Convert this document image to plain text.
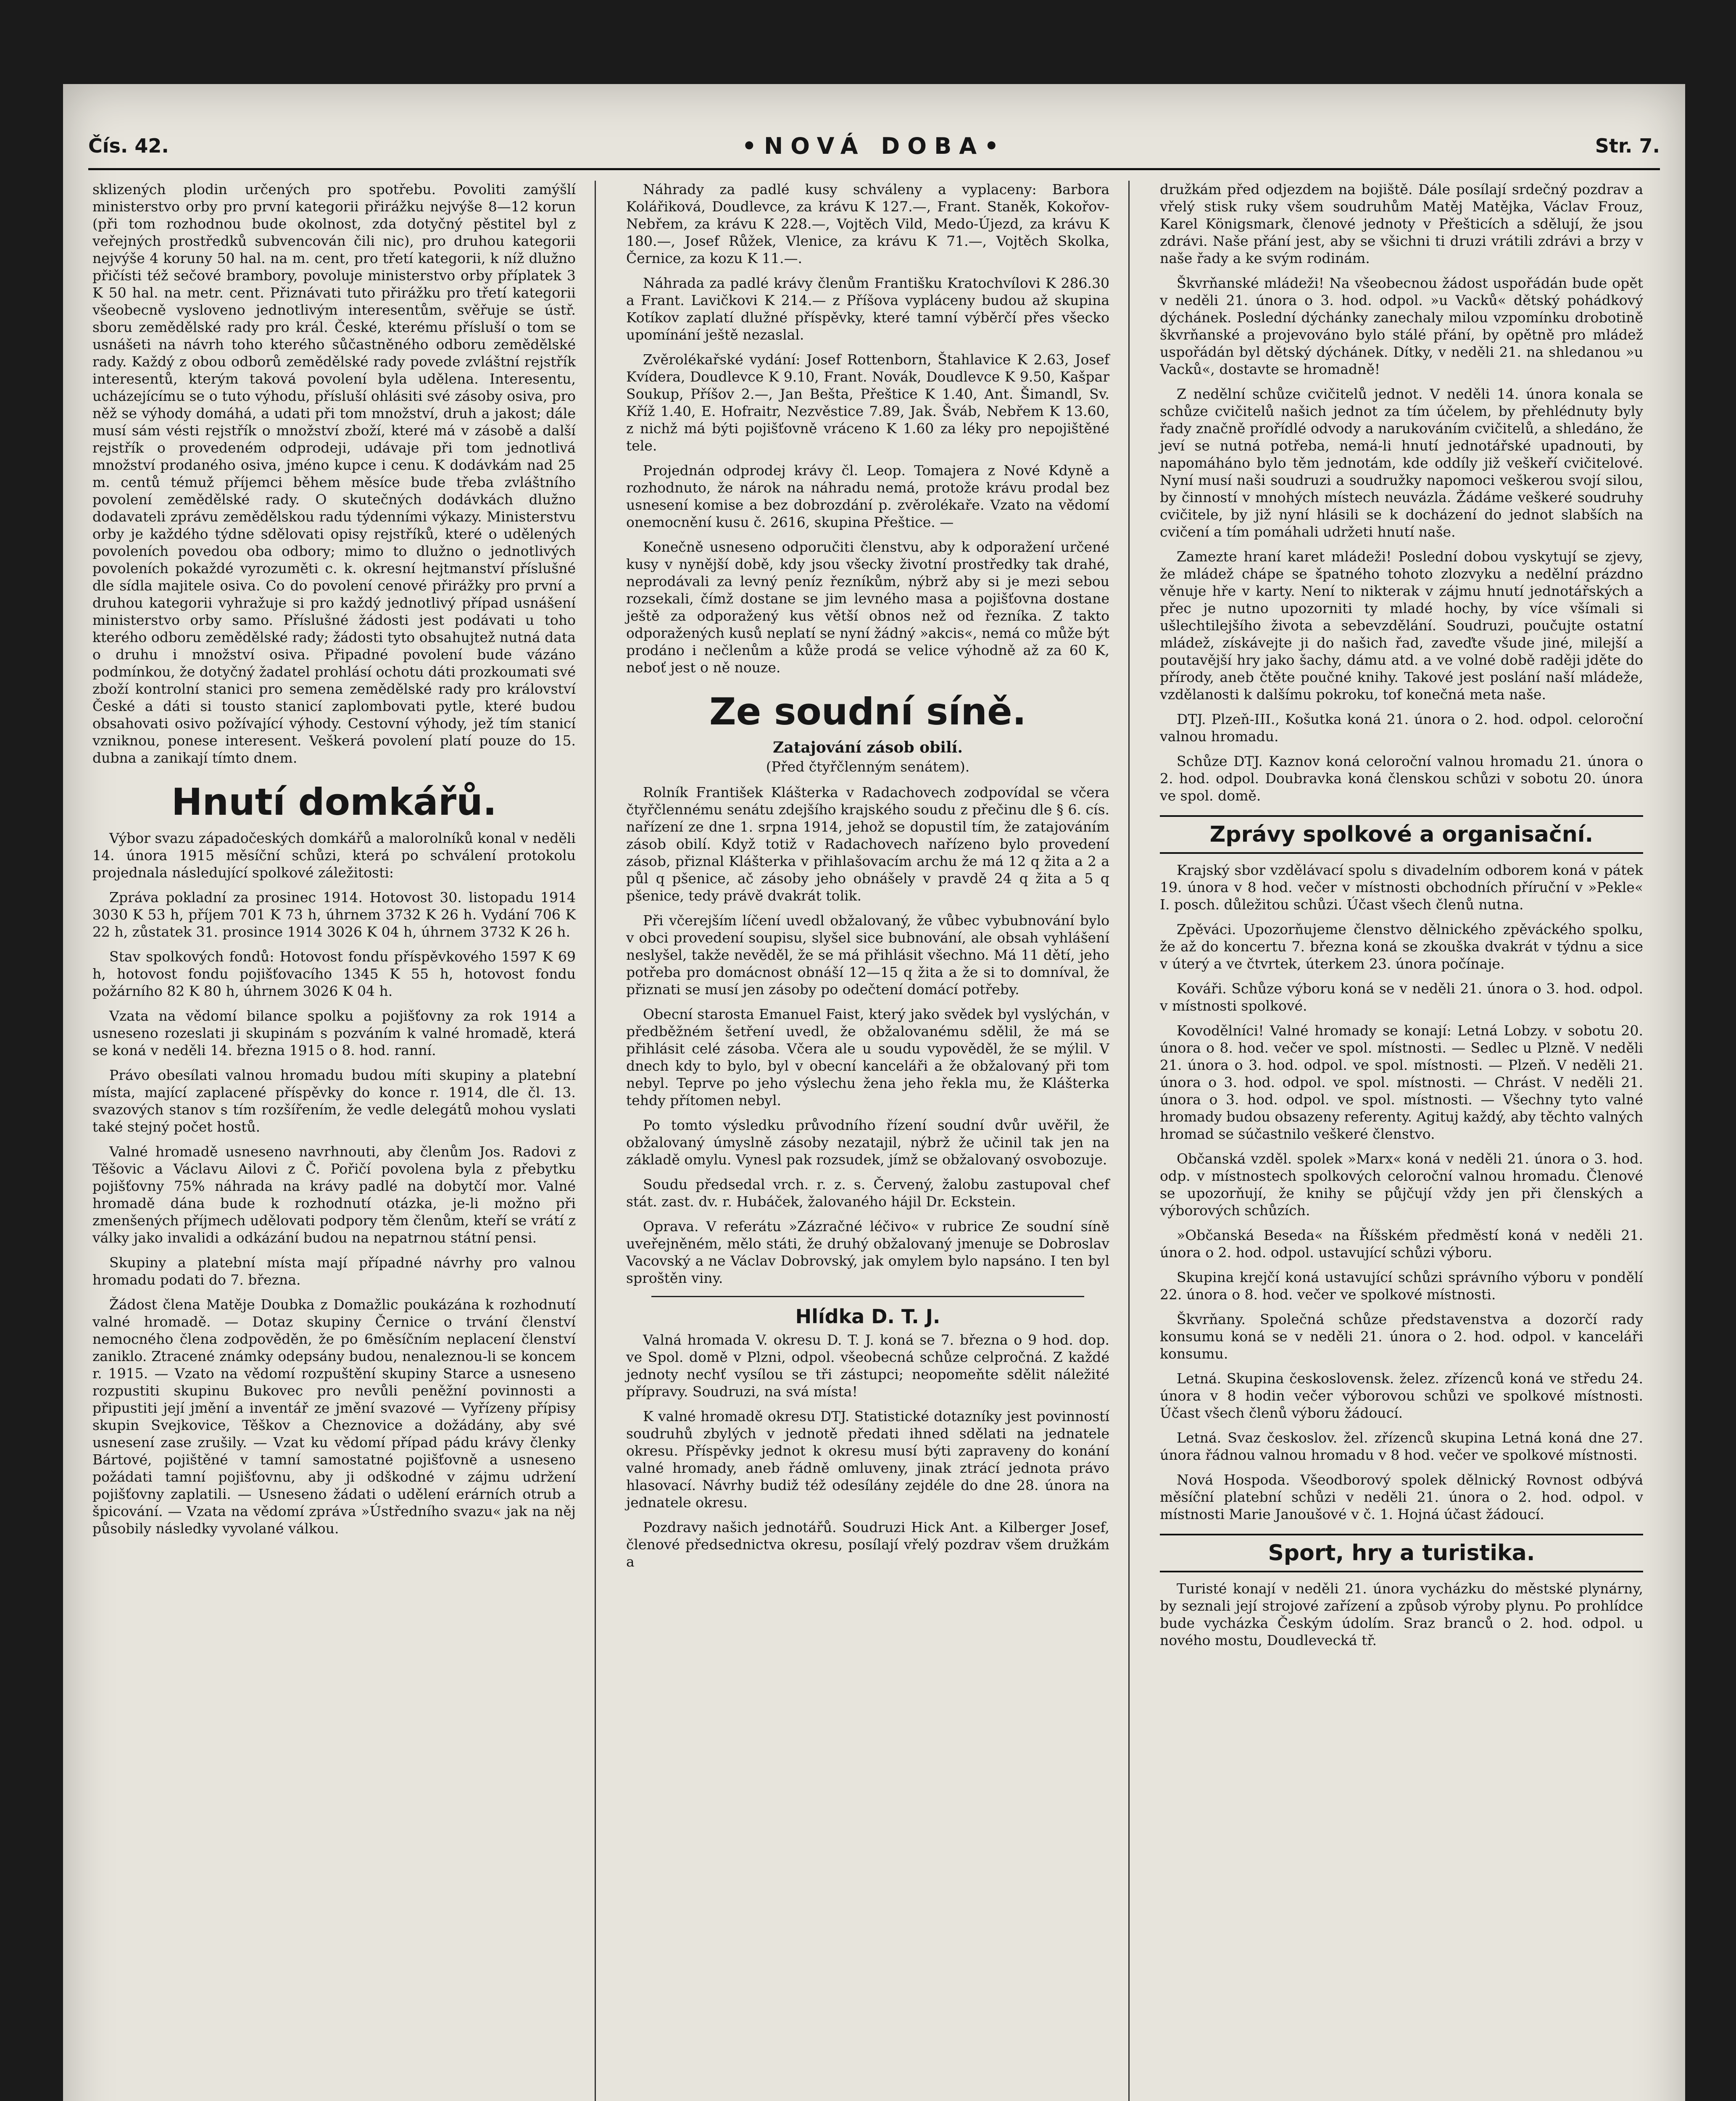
Čís. 42.	•NOVÁ DOBA•	Str. 7.

sklizených plodin určených pro spotřebu. Povoliti zamýšlí ministerstvo orby pro první kategorii přirážku nejvýše 8—12 korun (při tom rozhodnou bude okolnost, zda dotyčný pěstitel byl z veřejných prostředků subvencován čili nic), pro druhou kategorii nejvýše 4 koruny 50 hal. na m. cent, pro třetí kategorii, k níž dlužno přičísti též sečové brambory, povoluje ministerstvo orby příplatek 3 K 50 hal. na metr. cent. Přiznávati tuto přirážku pro třetí kategorii všeobecně vysloveno jednotlivým interesentům, svěřuje se ústř. sboru zemědělské rady pro král. České, kterému přísluší o tom se usnášeti na návrh toho kterého sůčastněného odboru zemědělské rady. Každý z obou odborů zemědělské rady povede zvláštní rejstřík interesentů, kterým taková povolení byla udělena. Interesentu, ucházejícímu se o tuto výhodu, přísluší ohlásiti své zásoby osiva, pro něž se výhody domáhá, a udati při tom množství, druh a jakost; dále musí sám vésti rejstřík o množství zboží, které má v zásobě a další rejstřík o provedeném odprodeji, udávaje při tom jednotlivá množství prodaného osiva, jméno kupce i cenu. K dodávkám nad 25 m. centů témuž příjemci během měsíce bude třeba zvláštního povolení zemědělské rady. O skutečných dodávkách dlužno dodavateli zprávu zemědělskou radu týdenními výkazy. Ministerstvu orby je každého týdne sdělovati opisy rejstříků, které o udělených povoleních povedou oba odbory; mimo to dlužno o jednotlivých povoleních pokaždé vyrozuměti c. k. okresní hejtmanství příslušné dle sídla majitele osiva. Co do povolení cenové přirážky pro první a druhou kategorii vyhražuje si pro každý jednotlivý případ usnášení ministerstvo orby samo. Příslušné žádosti jest podávati u toho kterého odboru zemědělské rady; žádosti tyto obsahujtež nutná data o druhu i množství osiva. Připadné povolení bude vázáno podmínkou, že dotyčný žadatel prohlásí ochotu dáti prozkoumati své zboží kontrolní stanici pro semena zemědělské rady pro království České a dáti si tousto stanicí zaplombovati pytle, které budou obsahovati osivo požívající výhody. Cestovní výhody, jež tím stanicí vzniknou, ponese interesent. Veškerá povolení platí pouze do 15. dubna a zanikají tímto dnem.

Hnutí domkářů.

Výbor svazu západočeských domkářů a malorolníků konal v neděli 14. února 1915 měsíční schůzi, která po schválení protokolu projednala následující spolkové záležitosti:

Zpráva pokladní za prosinec 1914. Hotovost 30. listopadu 1914 3030 K 53 h, příjem 701 K 73 h, úhrnem 3732 K 26 h. Vydání 706 K 22 h, zůstatek 31. prosince 1914 3026 K 04 h, úhrnem 3732 K 26 h.

Stav spolkových fondů: Hotovost fondu příspěvkového 1597 K 69 h, hotovost fondu pojišťovacího 1345 K 55 h, hotovost fondu požárního 82 K 80 h, úhrnem 3026 K 04 h.

Vzata na vědomí bilance spolku a pojišťovny za rok 1914 a usneseno rozeslati ji skupinám s pozváním k valné hromadě, která se koná v neděli 14. března 1915 o 8. hod. ranní.

Právo obesílati valnou hromadu budou míti skupiny a platební místa, mající zaplacené příspěvky do konce r. 1914, dle čl. 13. svazových stanov s tím rozšířením, že vedle delegátů mohou vyslati také stejný počet hostů.

Valné hromadě usneseno navrhnouti, aby členům Jos. Radovi z Těšovic a Václavu Ailovi z Č. Pořičí povolena byla z přebytku pojišťovny 75% náhrada na krávy padlé na dobytčí mor. Valné hromadě dána bude k rozhodnutí otázka, je-li možno při zmenšených příjmech udělovati podpory těm členům, kteří se vrátí z války jako invalidi a odkázání budou na nepatrnou státní pensi.

Skupiny a platební místa mají případné návrhy pro valnou hromadu podati do 7. března.

Žádost člena Matěje Doubka z Domažlic poukázána k rozhodnutí valné hromadě. — Dotaz skupiny Černice o trvání členství nemocného člena zodpověděn, že po 6měsíčním neplacení členství zaniklo. Ztracené známky odepsány budou, nenaleznou-li se koncem r. 1915. — Vzato na vědomí rozpuštění skupiny Starce a usneseno rozpustiti skupinu Bukovec pro nevůli peněžní povinnosti a připustiti její jmění a inventář ze jmění svazové — Vyřízeny přípisy skupin Svejkovice, Těškov a Cheznovice a dožádány, aby své usnesení zase zrušily. — Vzat ku vědomí případ pádu krávy členky Bártové, pojištěné v tamní samostatné pojišťovně a usneseno požádati tamní pojišťovnu, aby ji odškodné v zájmu udržení pojišťovny zaplatili. — Usneseno žádati o udělení erárních otrub a špicování. — Vzata na vědomí zpráva »Ústředního svazu« jak na něj působily následky vyvolané válkou.

Náhrady za padlé kusy schváleny a vyplaceny: Barbora Kolářiková, Doudlevce, za krávu K 127.—, Frant. Staněk, Kokořov-Nebřem, za krávu K 228.—, Vojtěch Vild, Medo-Újezd, za krávu K 180.—, Josef Růžek, Vlenice, za krávu K 71.—, Vojtěch Skolka, Černice, za kozu K 11.—.

Náhrada za padlé krávy členům Františku Kratochvílovi K 286.30 a Frant. Lavičkovi K 214.— z Příšova vypláceny budou až skupina Kotíkov zaplatí dlužné příspěvky, které tamní výběrčí přes všecko upomínání ještě nezaslal.

Zvěrolékařské vydání: Josef Rottenborn, Štahlavice K 2.63, Josef Kvídera, Doudlevce K 9.10, Frant. Novák, Doudlevce K 9.50, Kašpar Soukup, Příšov 2.—, Jan Bešta, Přeštice K 1.40, Ant. Šimandl, Sv. Kříž 1.40, E. Hofraitr, Nezvěstice 7.89, Jak. Šváb, Nebřem K 13.60, z nichž má býti pojišťovně vráceno K 1.60 za léky pro nepojištěné tele.

Projednán odprodej krávy čl. Leop. Tomajera z Nové Kdyně a rozhodnuto, že nárok na náhradu nemá, protože krávu prodal bez usnesení komise a bez dobrozdání p. zvěrolékaře. Vzato na vědomí onemocnění kusu č. 2616, skupina Přeštice. —

Konečně usneseno odporučiti členstvu, aby k odporažení určené kusy v nynější době, kdy jsou všecky životní prostředky tak drahé, neprodávali za levný peníz řezníkům, nýbrž aby si je mezi sebou rozsekali, čímž dostane se jim levného masa a pojišťovna dostane ještě za odporažený kus větší obnos než od řezníka. Z takto odporažených kusů neplatí se nyní žádný »akcis«, nemá co může být prodáno i nečlenům a kůže prodá se velice výhodně až za 60 K, neboť jest o ně nouze.

Ze soudní síně.
Zatajování zásob obilí.
(Před čtyřčlenným senátem).

Rolník František Klášterka v Radachovech zodpovídal se včera čtyřčlennému senátu zdejšího krajského soudu z přečinu dle § 6. cís. nařízení ze dne 1. srpna 1914, jehož se dopustil tím, že zatajováním zásob obilí. Když totiž v Radachovech nařízeno bylo provedení zásob, přiznal Klášterka v přihlašovacím archu že má 12 q žita a 2 a půl q pšenice, ač zásoby jeho obnášely v pravdě 24 q žita a 5 q pšenice, tedy právě dvakrát tolik.

Při včerejším líčení uvedl obžalovaný, že vůbec vybubnování bylo v obci provedení soupisu, slyšel sice bubnování, ale obsah vyhlášení neslyšel, takže nevěděl, že se má přihlásit všechno. Má 11 dětí, jeho potřeba pro domácnost obnáší 12—15 q žita a že si to domníval, že přiznati se musí jen zásoby po odečtení domácí potřeby.

Obecní starosta Emanuel Faist, který jako svědek byl vyslýchán, v předběžném šetření uvedl, že obžalovanému sdělil, že má se přihlásit celé zásoba. Včera ale u soudu vypověděl, že se mýlil. V dnech kdy to bylo, byl v obecní kanceláři a že obžalovaný při tom nebyl. Teprve po jeho výslechu žena jeho řekla mu, že Klášterka tehdy přítomen nebyl.

Po tomto výsledku průvodního řízení soudní dvůr uvěřil, že obžalovaný úmyslně zásoby nezatajil, nýbrž že učinil tak jen na základě omylu. Vynesl pak rozsudek, jímž se obžalovaný osvobozuje.

Soudu předsedal vrch. r. z. s. Červený, žalobu zastupoval chef stát. zast. dv. r. Hubáček, žalovaného hájil Dr. Eckstein.

Oprava. V referátu »Zázračné léčivo« v rubrice Ze soudní síně uveřejněném, mělo státi, že druhý obžalovaný jmenuje se Dobroslav Vacovský a ne Václav Dobrovský, jak omylem bylo napsáno. I ten byl sproštěn viny.

Hlídka D. T. J.

Valná hromada V. okresu D. T. J. koná se 7. března o 9 hod. dop. ve Spol. domě v Plzni, odpol. všeobecná schůze celpročná. Z každé jednoty nechť vysílou se tři zástupci; neopomeňte sdělit náležité přípravy. Soudruzi, na svá místa!

K valné hromadě okresu DTJ. Statistické dotazníky jest povinností soudruhů zbylých v jednotě předati ihned sdělati na jednatele okresu. Příspěvky jednot k okresu musí býti zapraveny do konání valné hromady, aneb řádně omluveny, jinak ztrácí jednota právo hlasovací. Návrhy budiž též odesílány zejdéle do dne 28. února na jednatele okresu.

Pozdravy našich jednotářů. Soudruzi Hick Ant. a Kilberger Josef, členové předsednictva okresu, posílají vřelý pozdrav všem družkám a

družkám před odjezdem na bojiště. Dále posílají srdečný pozdrav a vřelý stisk ruky všem soudruhům Matěj Matějka, Václav Frouz, Karel Königsmark, členové jednoty v Přešticích a sdělují, že jsou zdrávi. Naše přání jest, aby se všichni ti druzi vrátili zdrávi a brzy v naše řady a ke svým rodinám.

Škvrňanské mládeži! Na všeobecnou žádost uspořádán bude opět v neděli 21. února o 3. hod. odpol. »u Vacků« dětský pohádkový dýchánek. Poslední dýchánky zanechaly milou vzpomínku drobotině škvrňanské a projevováno bylo stálé přání, by opětně pro mládež uspořádán byl dětský dýchánek. Dítky, v neděli 21. na shledanou »u Vacků«, dostavte se hromadně!

Z nedělní schůze cvičitelů jednot. V neděli 14. února konala se schůze cvičitelů našich jednot za tím účelem, by přehlédnuty byly řady značně prořídlé odvody a narukováním cvičitelů, a shledáno, že jeví se nutná potřeba, nemá-li hnutí jednotářské upadnouti, by napomáháno bylo těm jednotám, kde oddíly již veškeří cvičitelové. Nyní musí naši soudruzi a soudružky napomoci veškerou svojí silou, by činností v mnohých místech neuvázla. Žádáme veškeré soudruhy cvičitele, by již nyní hlásili se k docházení do jednot slabších na cvičení a tím pomáhali udržeti hnutí naše.

Zamezte hraní karet mládeži! Poslední dobou vyskytují se zjevy, že mládež chápe se špatného tohoto zlozvyku a nedělní prázdno věnuje hře v karty. Není to nikterak v zájmu hnutí jednotářských a přec je nutno upozorniti ty mladé hochy, by více všímali si ušlechtilejšího života a sebevzdělání. Soudruzi, poučujte ostatní mládež, získávejte ji do našich řad, zaveďte všude jiné, milejší a poutavější hry jako šachy, dámu atd. a ve volné době raději jděte do přírody, aneb čtěte poučné knihy. Takové jest poslání naší mládeže, vzdělanosti k dalšímu pokroku, tof konečná meta naše.

DTJ. Plzeň-III., Košutka koná 21. února o 2. hod. odpol. celoroční valnou hromadu.

Schůze DTJ. Kaznov koná celoroční valnou hromadu 21. února o 2. hod. odpol. Doubravka koná členskou schůzi v sobotu 20. února ve spol. domě.

Zprávy spolkové a organisační.

Krajský sbor vzdělávací spolu s divadelním odborem koná v pátek 19. února v 8 hod. večer v místnosti obchodních příruční v »Pekle« I. posch. důležitou schůzi. Účast všech členů nutna.

Zpěváci. Upozorňujeme členstvo dělnického zpěváckého spolku, že až do koncertu 7. března koná se zkouška dvakrát v týdnu a sice v úterý a ve čtvrtek, úterkem 23. února počínaje.

Kováři. Schůze výboru koná se v neděli 21. února o 3. hod. odpol. v místnosti spolkové.

Kovodělníci! Valné hromady se konají: Letná Lobzy. v sobotu 20. února o 8. hod. večer ve spol. místnosti. — Sedlec u Plzně. V neděli 21. února o 3. hod. odpol. ve spol. místnosti. — Plzeň. V neděli 21. února o 3. hod. odpol. ve spol. místnosti. — Chrást. V neděli 21. února o 3. hod. odpol. ve spol. místnosti. — Všechny tyto valné hromady budou obsazeny referenty. Agituj každý, aby těchto valných hromad se súčastnilo veškeré členstvo.

Občanská vzděl. spolek »Marx« koná v neděli 21. února o 3. hod. odp. v místnostech spolkových celoroční valnou hromadu. Členové se upozorňují, že knihy se půjčují vždy jen při členských a výborových schůzích.

»Občanská Beseda« na Říšském předměstí koná v neděli 21. února o 2. hod. odpol. ustavující schůzi výboru.

Skupina krejčí koná ustavující schůzi správního výboru v pondělí 22. února o 8. hod. večer ve spolkové místnosti.

Škvrňany. Společná schůze představenstva a dozorčí rady konsumu koná se v neděli 21. února o 2. hod. odpol. v kanceláři konsumu.

Letná. Skupina československ. želez. zřízenců koná ve středu 24. února v 8 hodin večer výborovou schůzi ve spolkové místnosti. Účast všech členů výboru žádoucí.

Letná. Svaz českoslov. žel. zřízenců skupina Letná koná dne 27. února řádnou valnou hromadu v 8 hod. večer ve spolkové místnosti.

Nová Hospoda. Všeodborový spolek dělnický Rovnost odbývá měsíční platební schůzi v neděli 21. února o 2. hod. odpol. v místnosti Marie Janoušové v č. 1. Hojná účast žádoucí.

Sport, hry a turistika.

Turisté konají v neděli 21. února vycházku do městské plynárny, by seznali její strojové zařízení a způsob výroby plynu. Po prohlídce bude vycházka Českým údolím. Sraz branců o 2. hod. odpol. u nového mostu, Doudlevecká tř.
